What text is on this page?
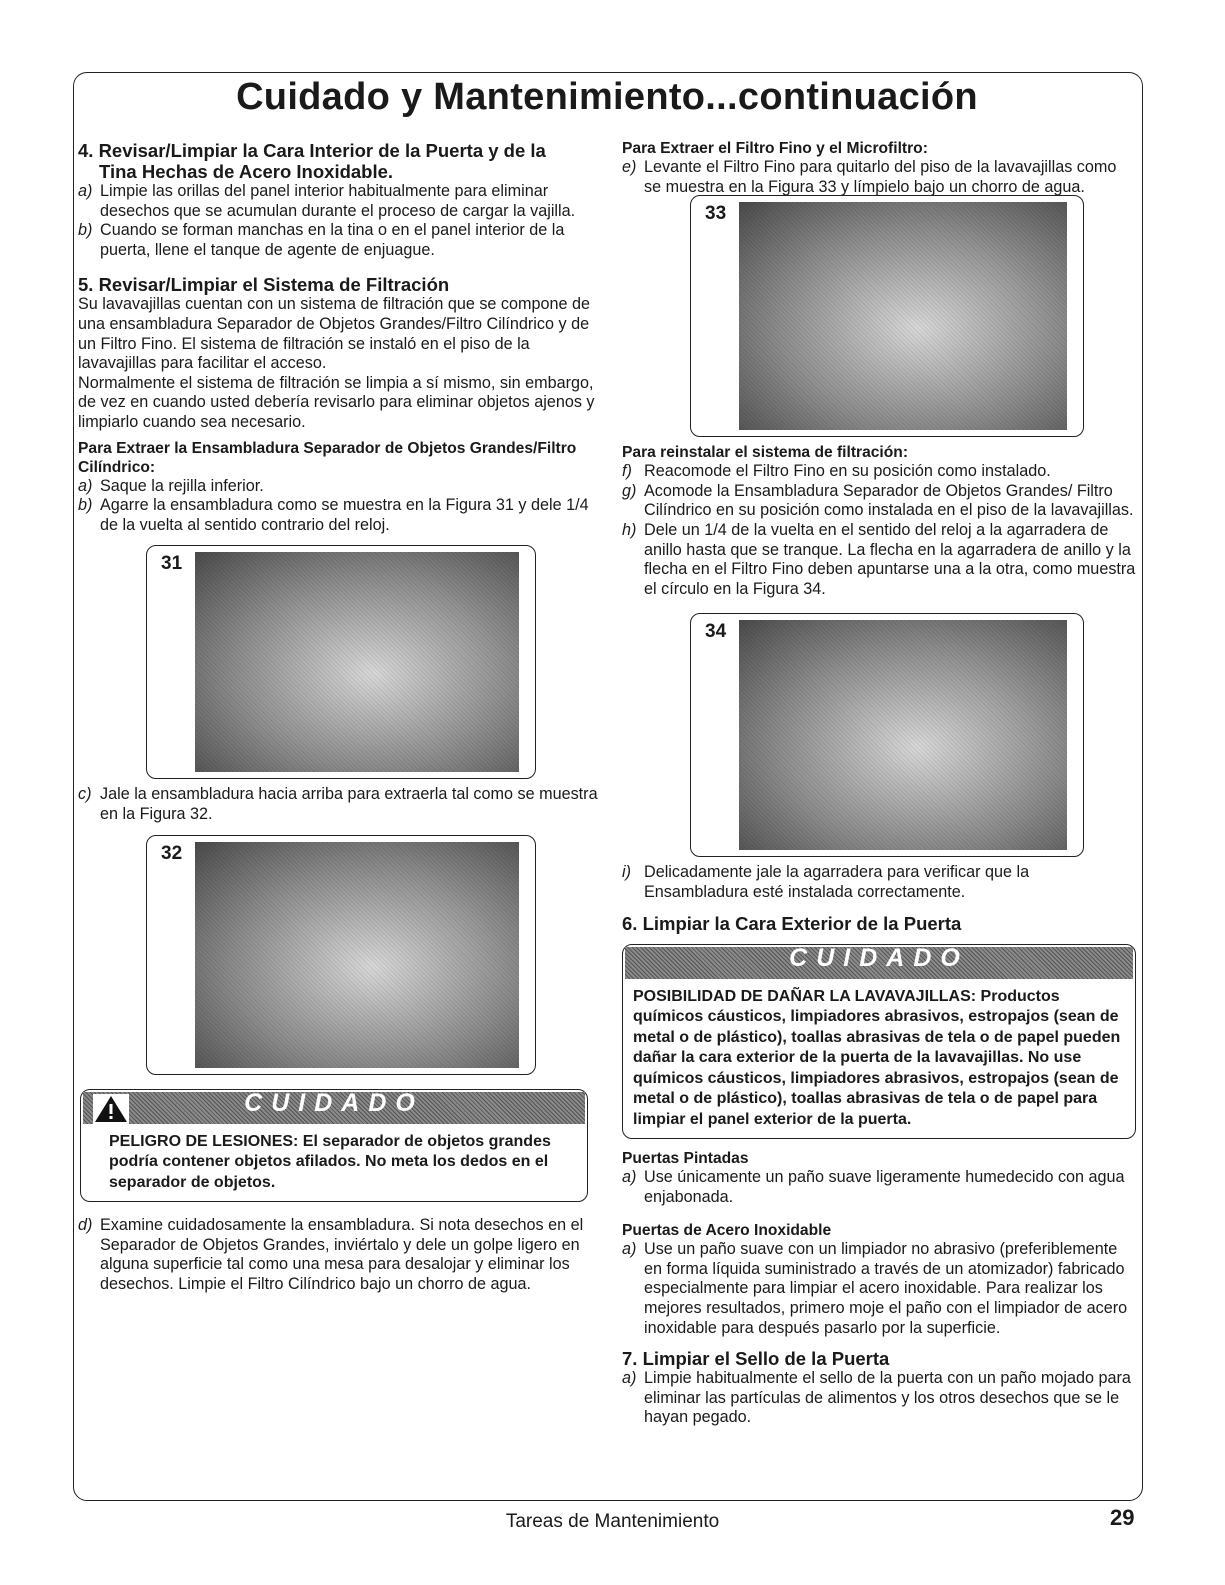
Cuidado y Mantenimiento...continuación
4. Revisar/Limpiar la Cara Interior de la Puerta y de la
Tina Hechas de Acero Inoxidable.

a) Limpie las orillas del panel interior habitualmente para eliminar desechos que se acumulan durante el proceso de cargar la vajilla.

b) Cuando se forman manchas en la tina o en el panel interior de la puerta, llene el tanque de agente de enjuague.

5. Revisar/Limpiar el Sistema de Filtración

Su lavavajillas cuentan con un sistema de filtración que se compone de una ensambladura Separador de Objetos Grandes/Filtro Cilíndrico y de un Filtro Fino. El sistema de filtración se instaló en el piso de la lavavajillas para facilitar el acceso.

Normalmente el sistema de filtración se limpia a sí mismo, sin embargo, de vez en cuando usted debería revisarlo para eliminar objetos ajenos y limpiarlo cuando sea necesario.

Para Extraer la Ensambladura Separador de Objetos Grandes/Filtro Cilíndrico:

a) Saque la rejilla inferior.

b) Agarre la ensambladura como se muestra en la Figura 31 y dele 1/4 de la vuelta al sentido contrario del reloj.

31

c) Jale la ensambladura hacia arriba para extraerla tal como se muestra en la Figura 32.

32
CUIDADO
PELIGRO DE LESIONES: El separador de objetos grandes podría contener objetos afilados. No meta los dedos en el separador de objetos.

d) Examine cuidadosamente la ensambladura. Si nota desechos en el Separador de Objetos Grandes, inviértalo y dele un golpe ligero en alguna superficie tal como una mesa para desalojar y eliminar los desechos. Limpie el Filtro Cilíndrico bajo un chorro de agua.

Para Extraer el Filtro Fino y el Microfiltro:

e) Levante el Filtro Fino para quitarlo del piso de la lavavajillas como se muestra en la Figura 33 y límpielo bajo un chorro de agua.

33
Para reinstalar el sistema de filtración:

f) Reacomode el Filtro Fino en su posición como instalado.

g) Acomode la Ensambladura Separador de Objetos Grandes/ Filtro Cilíndrico en su posición como instalada en el piso de la lavavajillas.

h) Dele un 1/4 de la vuelta en el sentido del reloj a la agarradera de anillo hasta que se tranque. La flecha en la agarradera de anillo y la flecha en el Filtro Fino deben apuntarse una a la otra, como muestra el círculo en la Figura 34.

34

i) Delicadamente jale la agarradera para verificar que la Ensambladura esté instalada correctamente.

6. Limpiar la Cara Exterior de la Puerta
CUIDADO
POSIBILIDAD DE DAÑAR LA LAVAVAJILLAS: Productos químicos cáusticos, limpiadores abrasivos, estropajos (sean de metal o de plástico), toallas abrasivas de tela o de papel pueden dañar la cara exterior de la puerta de la lavavajillas. No use químicos cáusticos, limpiadores abrasivos, estropajos (sean de metal o de plástico), toallas abrasivas de tela o de papel para limpiar el panel exterior de la puerta.
Puertas Pintadas

a) Use únicamente un paño suave ligeramente humedecido con agua enjabonada.

Puertas de Acero Inoxidable

a) Use un paño suave con un limpiador no abrasivo (preferiblemente en forma líquida suministrado a través de un atomizador) fabricado especialmente para limpiar el acero inoxidable. Para realizar los mejores resultados, primero moje el paño con el limpiador de acero inoxidable para después pasarlo por la superficie.

7. Limpiar el Sello de la Puerta

a) Limpie habitualmente el sello de la puerta con un paño mojado para eliminar las partículas de alimentos y los otros desechos que se le hayan pegado.

Tareas de Mantenimiento	29
